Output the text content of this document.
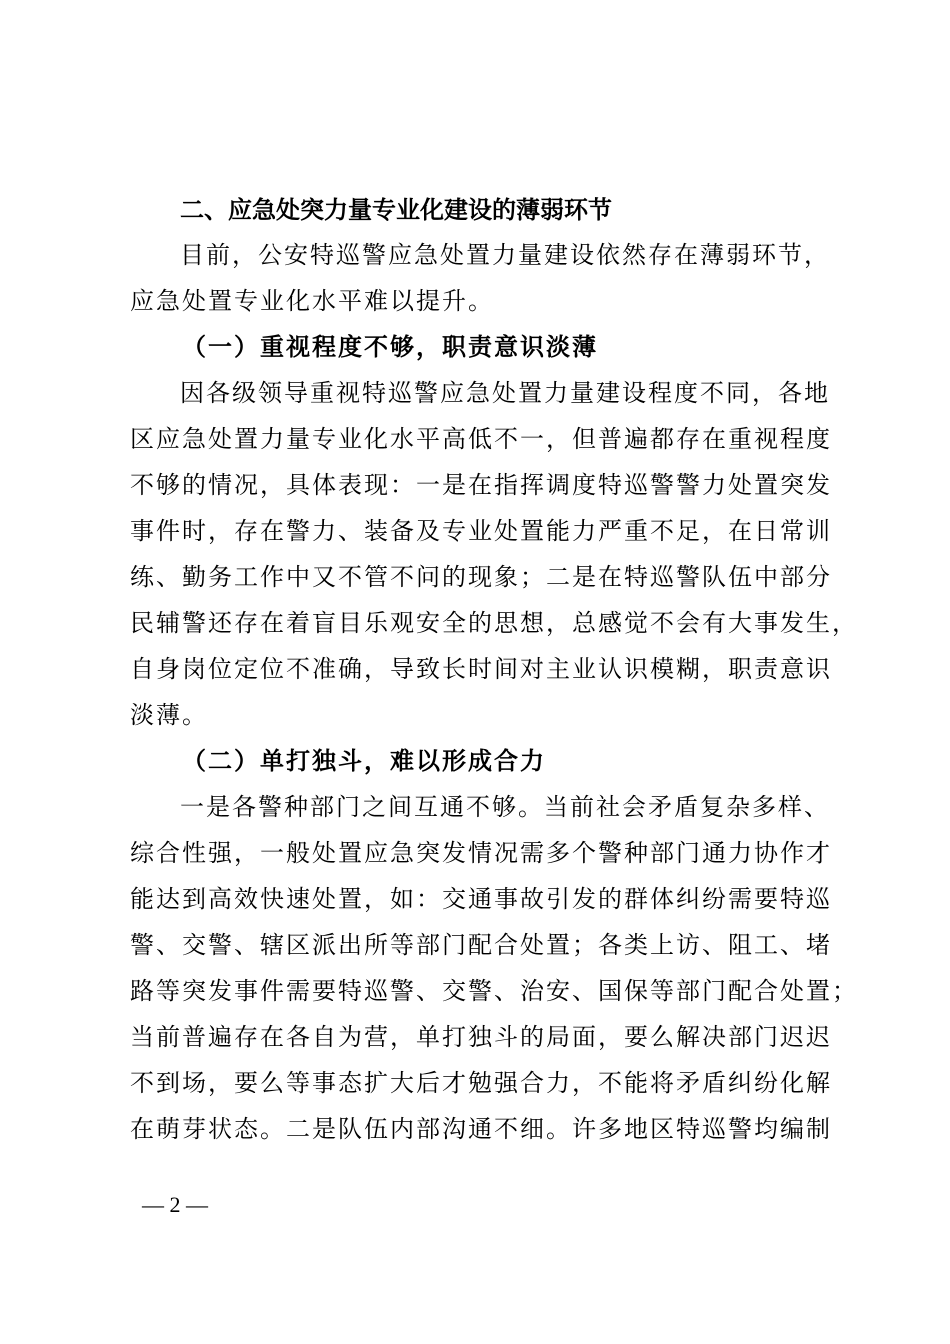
二、应急处突力量专业化建设的薄弱环节
目前，公安特巡警应急处置力量建设依然存在薄弱环节，
应急处置专业化水平难以提升。
（一）重视程度不够，职责意识淡薄
因各级领导重视特巡警应急处置力量建设程度不同，各地
区应急处置力量专业化水平高低不一，但普遍都存在重视程度
不够的情况，具体表现：一是在指挥调度特巡警警力处置突发
事件时，存在警力、装备及专业处置能力严重不足，在日常训
练、勤务工作中又不管不问的现象；二是在特巡警队伍中部分
民辅警还存在着盲目乐观安全的思想，总感觉不会有大事发生，
自身岗位定位不准确，导致长时间对主业认识模糊，职责意识
淡薄。
（二）单打独斗，难以形成合力
一是各警种部门之间互通不够。当前社会矛盾复杂多样、
综合性强，一般处置应急突发情况需多个警种部门通力协作才
能达到高效快速处置，如：交通事故引发的群体纠纷需要特巡
警、交警、辖区派出所等部门配合处置；各类上访、阻工、堵
路等突发事件需要特巡警、交警、治安、国保等部门配合处置；
当前普遍存在各自为营，单打独斗的局面，要么解决部门迟迟
不到场，要么等事态扩大后才勉强合力，不能将矛盾纠纷化解
在萌芽状态。二是队伍内部沟通不细。许多地区特巡警均编制
— 2 —
